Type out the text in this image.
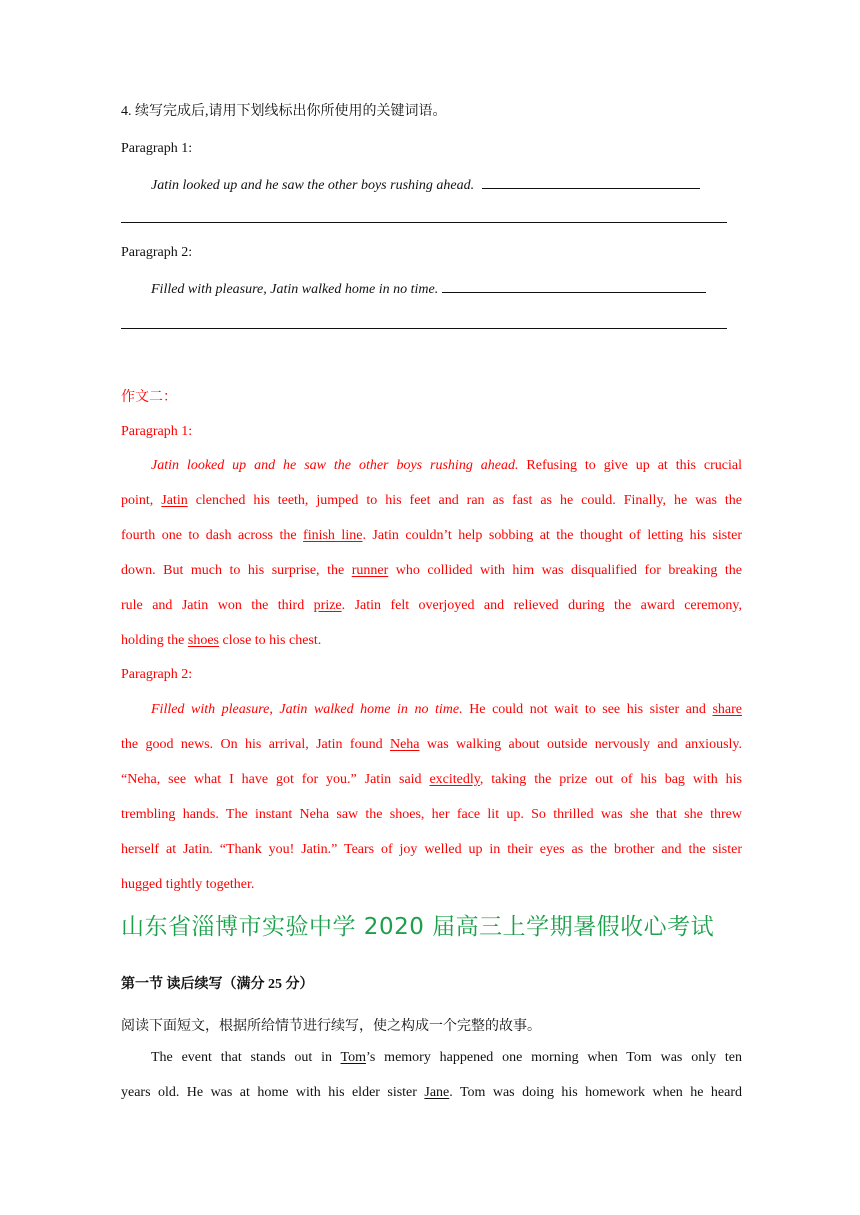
4. 续写完成后,请用下划线标出你所使用的关键词语。
Paragraph 1:
Jatin looked up and he saw the other boys rushing ahead.
Paragraph 2:
Filled with pleasure, Jatin walked home in no time.
作文二：
Paragraph 1:
Jatin looked up and he saw the other boys rushing ahead. Refusing to give up at this crucial
point, Jatin clenched his teeth, jumped to his feet and ran as fast as he could. Finally, he was the
fourth one to dash across the finish line. Jatin couldn’t help sobbing at the thought of letting his sister
down. But much to his surprise, the runner who collided with him was disqualified for breaking the
rule and Jatin won the third prize. Jatin felt overjoyed and relieved during the award ceremony,
holding the shoes close to his chest.
Paragraph 2:
Filled with pleasure, Jatin walked home in no time. He could not wait to see his sister and share
the good news. On his arrival, Jatin found Neha was walking about outside nervously and anxiously.
“Neha, see what I have got for you.” Jatin said excitedly, taking the prize out of his bag with his
trembling hands. The instant Neha saw the shoes, her face lit up. So thrilled was she that she threw
herself at Jatin. “Thank you! Jatin.” Tears of joy welled up in their eyes as the brother and the sister
hugged tightly together.
山东省淄博市实验中学 2020 届高三上学期暑假收心考试
第一节 读后续写（满分 25 分）
阅读下面短文，根据所给情节进行续写，使之构成一个完整的故事。
The event that stands out in Tom’s memory happened one morning when Tom was only ten
years old. He was at home with his elder sister Jane. Tom was doing his homework when he heard
